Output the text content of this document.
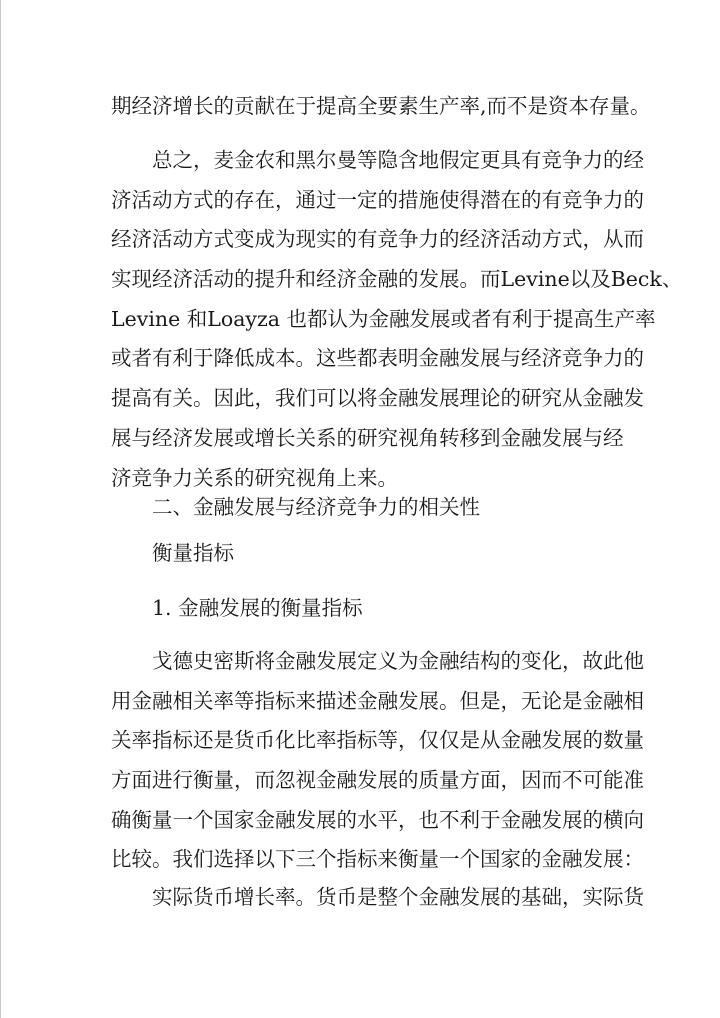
期经济增长的贡献在于提高全要素生产率,而不是资本存量。
总之，麦金农和黑尔曼等隐含地假定更具有竞争力的经
济活动方式的存在，通过一定的措施使得潜在的有竞争力的
经济活动方式变成为现实的有竞争力的经济活动方式，从而
实现经济活动的提升和经济金融的发展。而Levine以及Beck、
Levine 和Loayza 也都认为金融发展或者有利于提高生产率
或者有利于降低成本。这些都表明金融发展与经济竞争力的
提高有关。因此，我们可以将金融发展理论的研究从金融发
展与经济发展或增长关系的研究视角转移到金融发展与经
济竞争力关系的研究视角上来。
二、金融发展与经济竞争力的相关性
衡量指标
1. 金融发展的衡量指标
戈德史密斯将金融发展定义为金融结构的变化，故此他
用金融相关率等指标来描述金融发展。但是，无论是金融相
关率指标还是货币化比率指标等，仅仅是从金融发展的数量
方面进行衡量，而忽视金融发展的质量方面，因而不可能准
确衡量一个国家金融发展的水平，也不利于金融发展的横向
比较。我们选择以下三个指标来衡量一个国家的金融发展：
实际货币增长率。货币是整个金融发展的基础，实际货
